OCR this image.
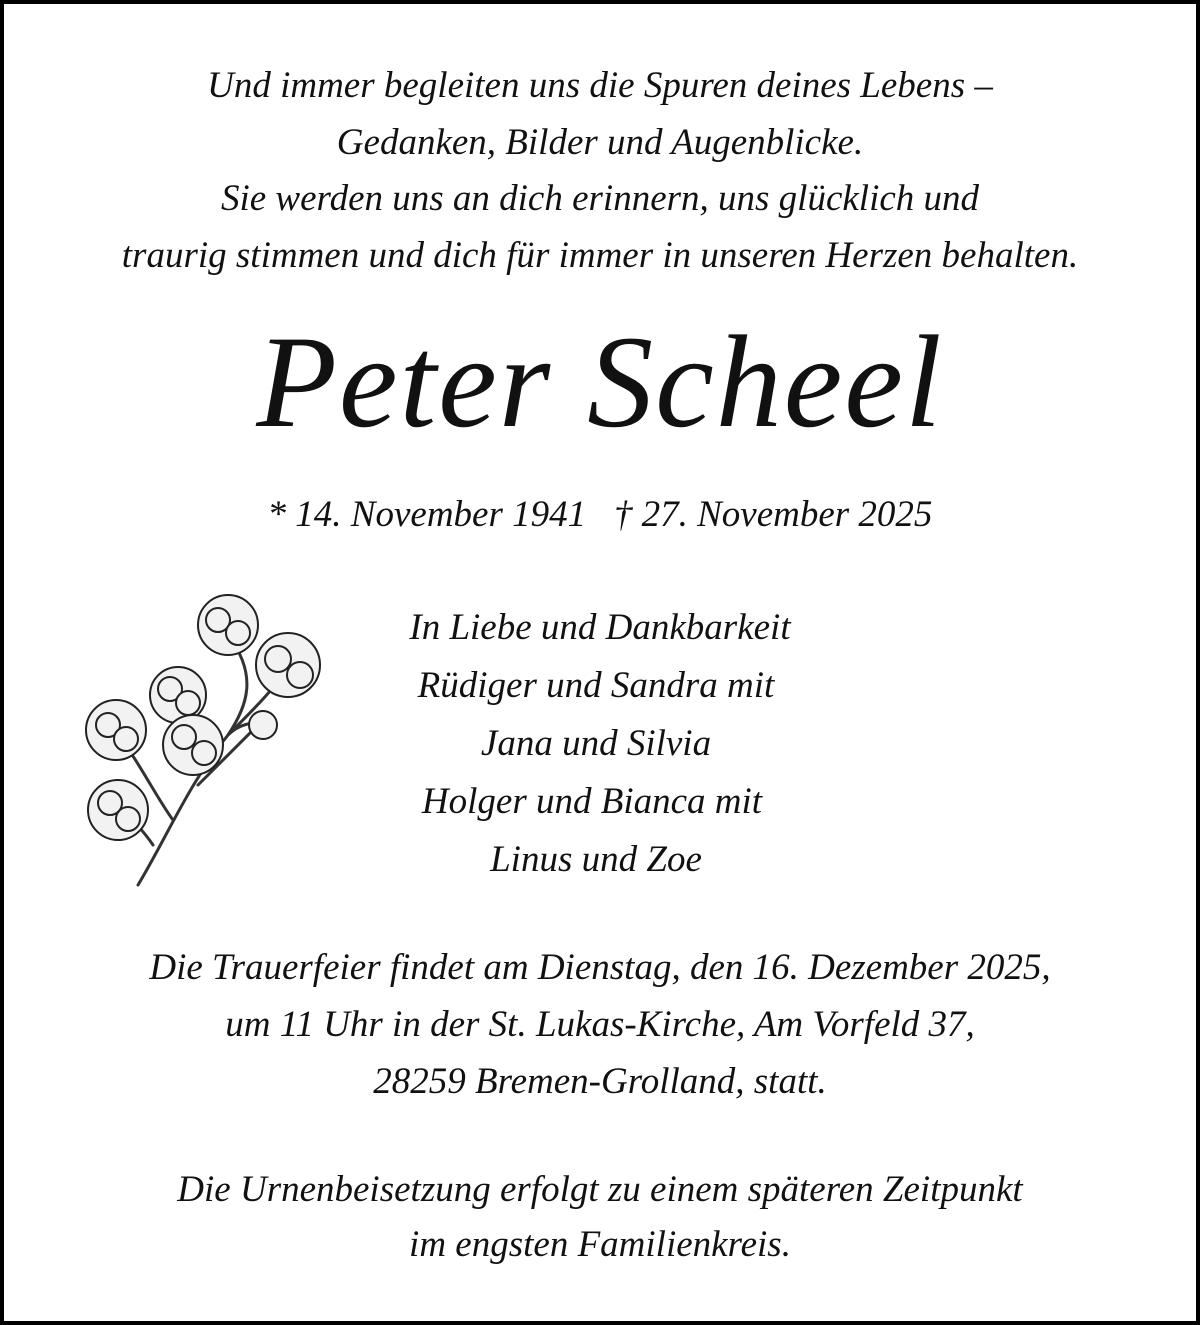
Und immer begleiten uns die Spuren deines Lebens –
Gedanken, Bilder und Augenblicke.
Sie werden uns an dich erinnern, uns glücklich und
traurig stimmen und dich für immer in unseren Herzen behalten.
Peter Scheel
* 14. November 1941   † 27. November 2025
In Liebe und Dankbarkeit
Rüdiger und Sandra mit
Jana und Silvia
Holger und Bianca mit
Linus und Zoe
Die Trauerfeier findet am Dienstag, den 16. Dezember 2025,
um 11 Uhr in der St. Lukas-Kirche, Am Vorfeld 37,
28259 Bremen-Grolland, statt.
Die Urnenbeisetzung erfolgt zu einem späteren Zeitpunkt
im engsten Familienkreis.
